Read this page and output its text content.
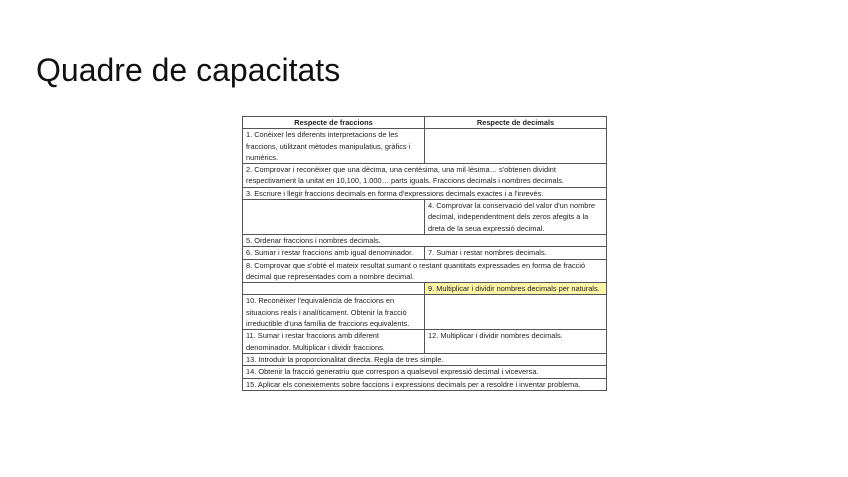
Quadre de capacitats
Respecte de fraccions	Respecte de decimals
1. Conèixer les diferents interpretacions de les fraccions, utilitzant mètodes manipulatius, gràfics i numèrics.	
2. Comprovar i reconèixer que una dècima, una centèsima, una mil·lèsima… s'obtenen dividint respectivament la unitat en 10,100, 1.000… parts iguals. Fraccions decimals i nombres decimals.	
3. Escriure i llegir fraccions decimals en forma d'expressions decimals exactes i a l'inrevés.	
	4. Comprovar la conservació del valor d'un nombre decimal, independentment dels zeros afegits a la dreta de la seua expressió decimal.
5. Ordenar fraccions i nombres decimals.	
6. Sumar i restar fraccions amb igual denominador.	7. Sumar i restar nombres decimals.
8. Comprovar que s'obté el mateix resultat sumant o restant quantitats expressades en forma de fracció decimal que representades com a nombre decimal.	
	9. Multiplicar i dividir nombres decimals per naturals.
10. Reconèixer l'equivalència de fraccions en situacions reals i analíticament. Obtenir la fracció irreductible d'una família de fraccions equivalents.	
11. Sumar i restar fraccions amb diferent denominador. Multiplicar i dividir fraccions.	12. Multiplicar i dividir nombres decimals.
13. Introduir la proporcionalitat directa. Regla de tres simple.	
14. Obtenir la fracció generatriu que correspon a qualsevol expressió decimal i viceversa.	
15. Aplicar els coneixements sobre faccions i expressions decimals per a resoldre i inventar problema.	
